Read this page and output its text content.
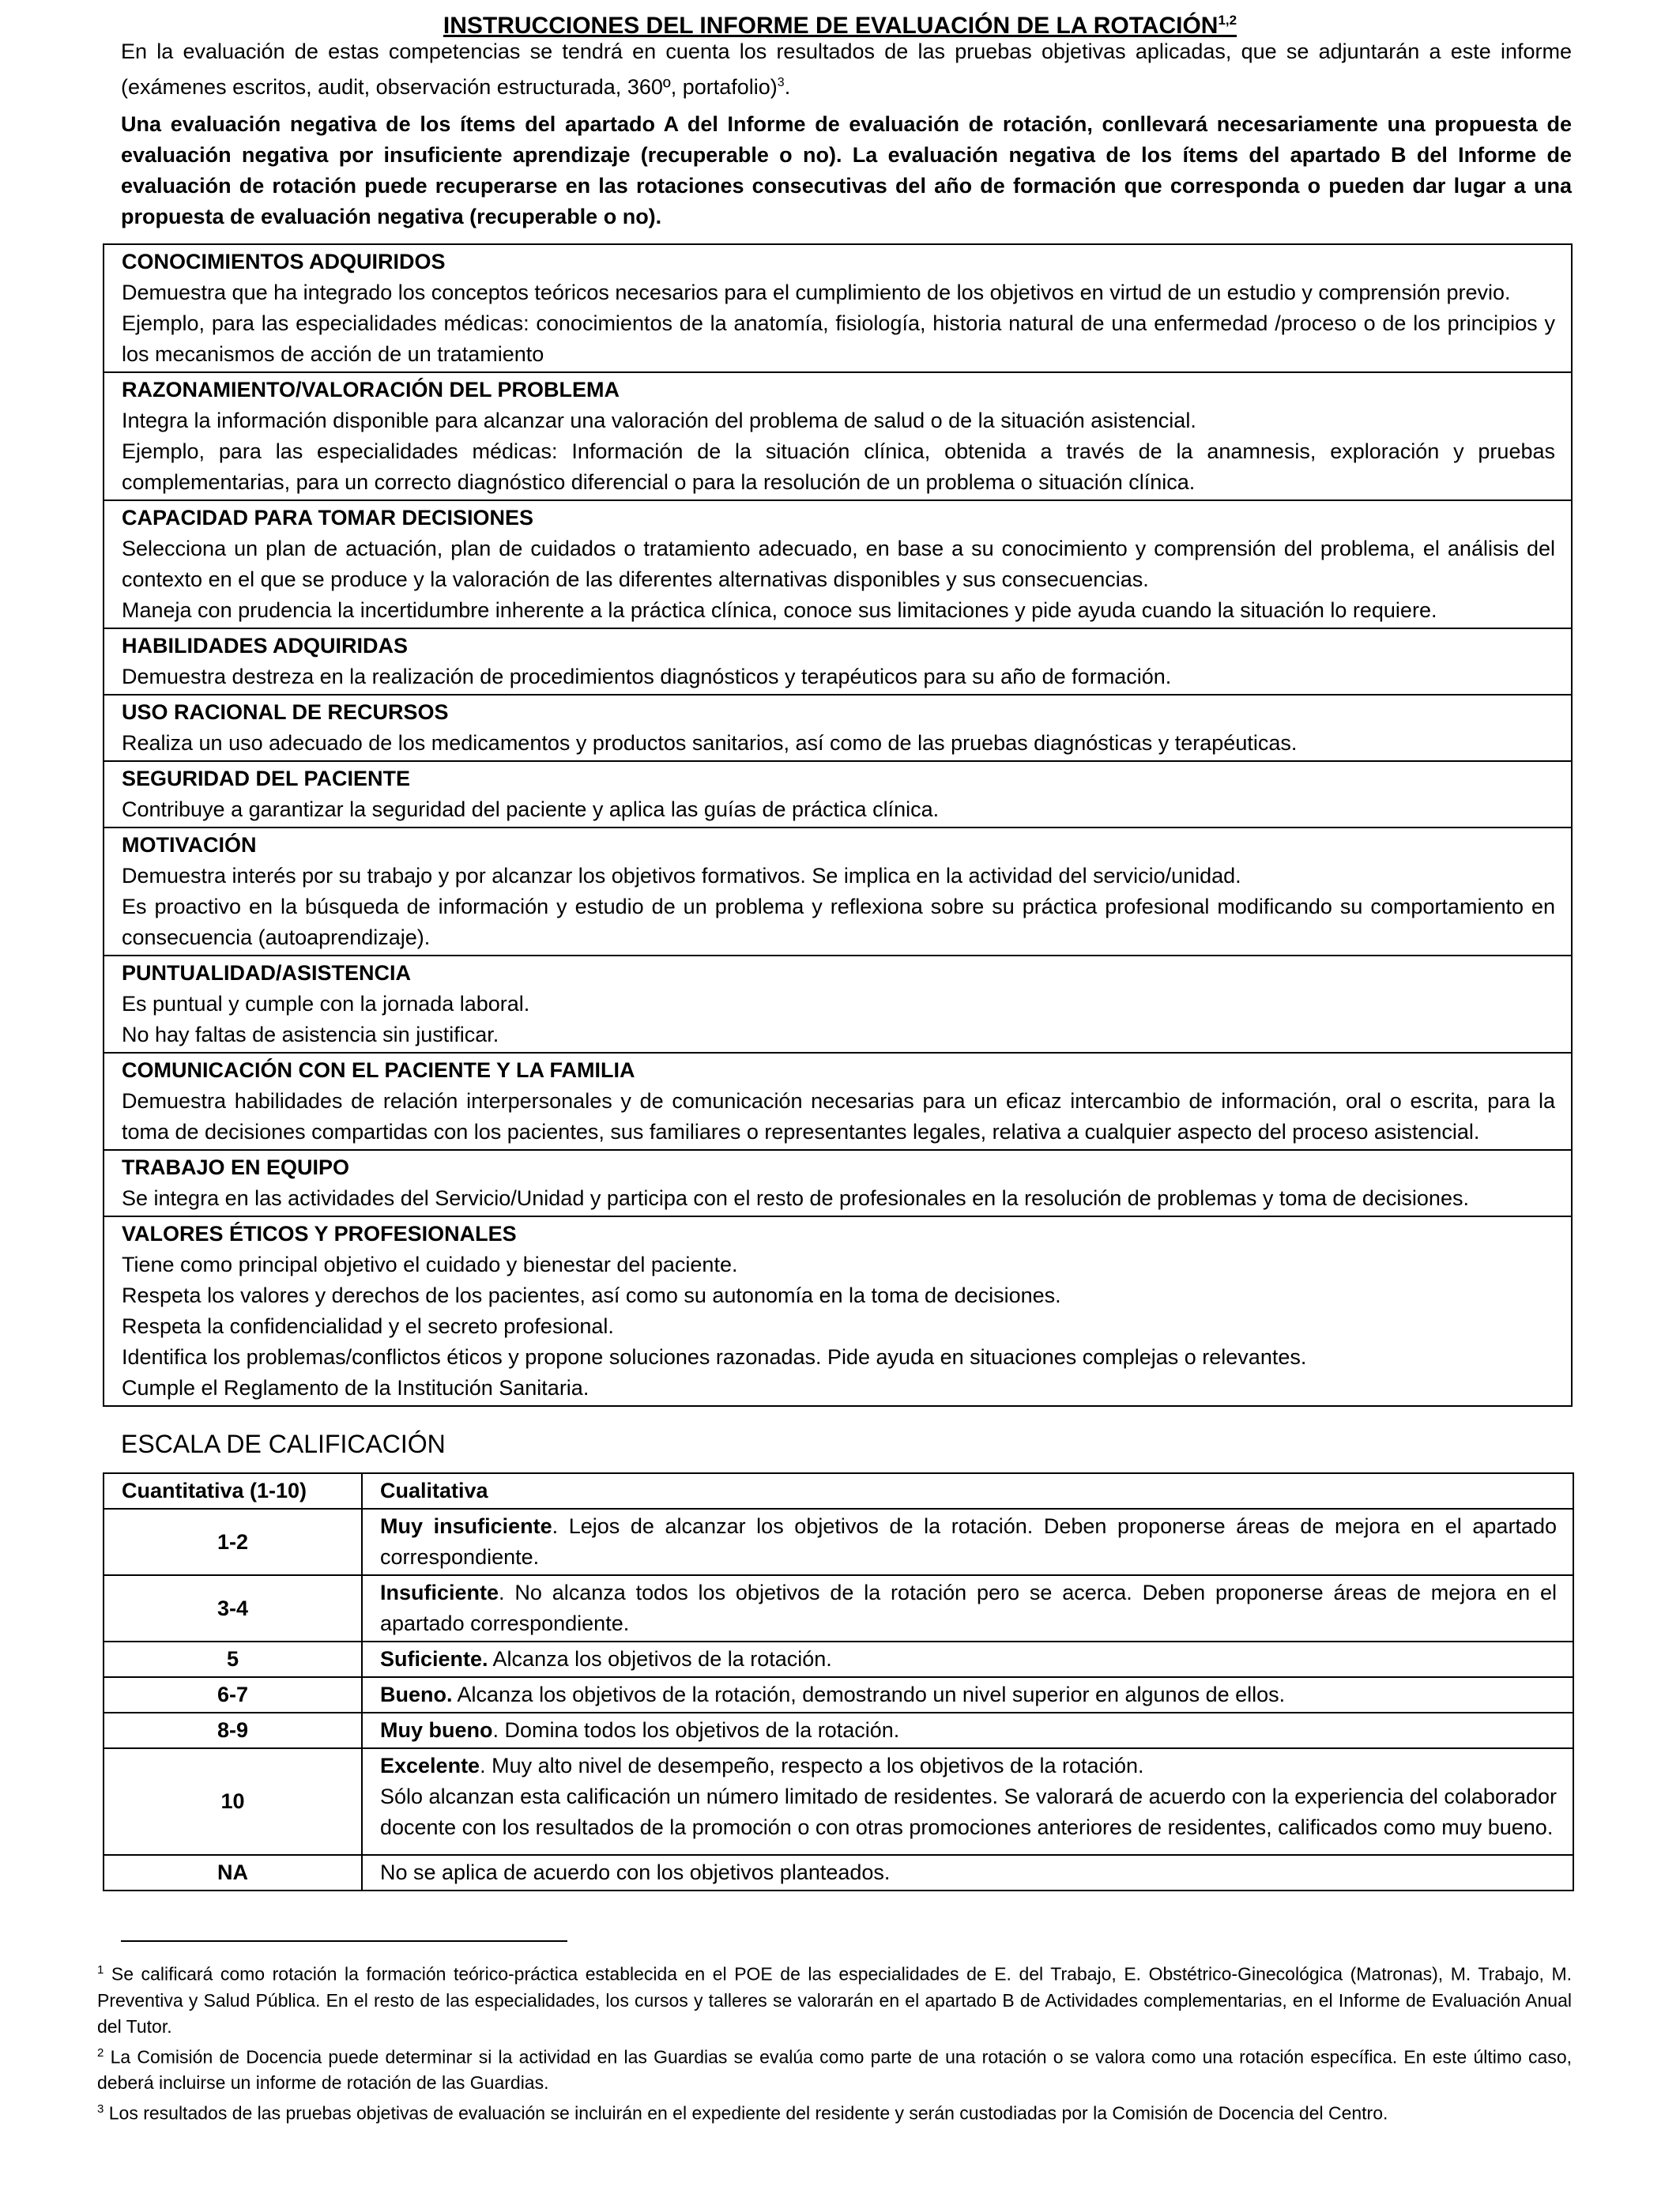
INSTRUCCIONES DEL INFORME DE EVALUACIÓN DE LA ROTACIÓN$^{1,2}$

En la evaluación de estas competencias se tendrá en cuenta los resultados de las pruebas objetivas aplicadas, que se adjuntarán a este informe (exámenes escritos, audit, observación estructurada, 360º, portafolio)$^3$.

Una evaluación negativa de los ítems del apartado A del Informe de evaluación de rotación, conllevará necesariamente una propuesta de evaluación negativa por insuficiente aprendizaje (recuperable o no). La evaluación negativa de los ítems del apartado B del Informe de evaluación de rotación puede recuperarse en las rotaciones consecutivas del año de formación que corresponda o pueden dar lugar a una propuesta de evaluación negativa (recuperable o no).

CONOCIMIENTOS ADQUIRIDOS
Demuestra que ha integrado los conceptos teóricos necesarios para el cumplimiento de los objetivos en virtud de un estudio y comprensión previo.
Ejemplo, para las especialidades médicas: conocimientos de la anatomía, fisiología, historia natural de una enfermedad /proceso o de los principios y los mecanismos de acción de un tratamiento

RAZONAMIENTO/VALORACIÓN DEL PROBLEMA
Integra la información disponible para alcanzar una valoración del problema de salud o de la situación asistencial.
Ejemplo, para las especialidades médicas: Información de la situación clínica, obtenida a través de la anamnesis, exploración y pruebas complementarias, para un correcto diagnóstico diferencial o para la resolución de un problema o situación clínica.

CAPACIDAD PARA TOMAR DECISIONES
Selecciona un plan de actuación, plan de cuidados o tratamiento adecuado, en base a su conocimiento y comprensión del problema, el análisis del contexto en el que se produce y la valoración de las diferentes alternativas disponibles y sus consecuencias.
Maneja con prudencia la incertidumbre inherente a la práctica clínica, conoce sus limitaciones y pide ayuda cuando la situación lo requiere.

HABILIDADES ADQUIRIDAS
Demuestra destreza en la realización de procedimientos diagnósticos y terapéuticos para su año de formación.

USO RACIONAL DE RECURSOS
Realiza un uso adecuado de los medicamentos y productos sanitarios, así como de las pruebas diagnósticas y terapéuticas.

SEGURIDAD DEL PACIENTE
Contribuye a garantizar la seguridad del paciente y aplica las guías de práctica clínica.

MOTIVACIÓN
Demuestra interés por su trabajo y por alcanzar los objetivos formativos. Se implica en la actividad del servicio/unidad.
Es proactivo en la búsqueda de información y estudio de un problema y reflexiona sobre su práctica profesional modificando su comportamiento en consecuencia (autoaprendizaje).

PUNTUALIDAD/ASISTENCIA
Es puntual y cumple con la jornada laboral.
No hay faltas de asistencia sin justificar.

COMUNICACIÓN CON EL PACIENTE Y LA FAMILIA
Demuestra habilidades de relación interpersonales y de comunicación necesarias para un eficaz intercambio de información, oral o escrita, para la toma de decisiones compartidas con los pacientes, sus familiares o representantes legales, relativa a cualquier aspecto del proceso asistencial.

TRABAJO EN EQUIPO
Se integra en las actividades del Servicio/Unidad y participa con el resto de profesionales en la resolución de problemas y toma de decisiones.

VALORES ÉTICOS Y PROFESIONALES
Tiene como principal objetivo el cuidado y bienestar del paciente.
Respeta los valores y derechos de los pacientes, así como su autonomía en la toma de decisiones.
Respeta la confidencialidad y el secreto profesional.
Identifica los problemas/conflictos éticos y propone soluciones razonadas. Pide ayuda en situaciones complejas o relevantes.
Cumple el Reglamento de la Institución Sanitaria.
ESCALA DE CALIFICACIÓN
Cuantitativa (1-10)	Cualitativa
1-2	Muy insuficiente. Lejos de alcanzar los objetivos de la rotación. Deben proponerse áreas de mejora en el apartado correspondiente.
3-4	Insuficiente. No alcanza todos los objetivos de la rotación pero se acerca. Deben proponerse áreas de mejora en el apartado correspondiente.
5	Suficiente. Alcanza los objetivos de la rotación.
6-7	Bueno. Alcanza los objetivos de la rotación, demostrando un nivel superior en algunos de ellos.
8-9	Muy bueno. Domina todos los objetivos de la rotación.
10	Excelente. Muy alto nivel de desempeño, respecto a los objetivos de la rotación.
Sólo alcanzan esta calificación un número limitado de residentes. Se valorará de acuerdo con la experiencia del colaborador docente con los resultados de la promoción o con otras promociones anteriores de residentes, calificados como muy bueno.
NA	No se aplica de acuerdo con los objetivos planteados.

$^1$ Se calificará como rotación la formación teórico-práctica establecida en el POE de las especialidades de E. del Trabajo, E. Obstétrico-Ginecológica (Matronas), M. Trabajo, M. Preventiva y Salud Pública. En el resto de las especialidades, los cursos y talleres se valorarán en el apartado B de Actividades complementarias, en el Informe de Evaluación Anual del Tutor.

$^2$ La Comisión de Docencia puede determinar si la actividad en las Guardias se evalúa como parte de una rotación o se valora como una rotación específica. En este último caso, deberá incluirse un informe de rotación de las Guardias.

$^3$ Los resultados de las pruebas objetivas de evaluación se incluirán en el expediente del residente y serán custodiadas por la Comisión de Docencia del Centro.
